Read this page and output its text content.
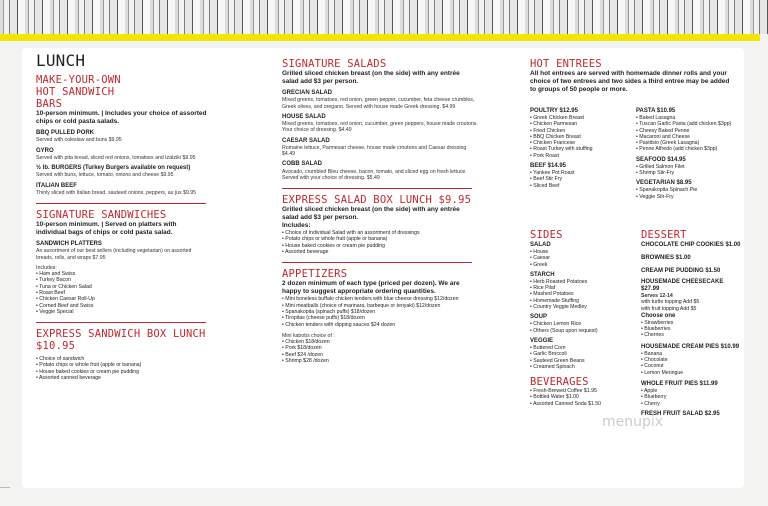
LUNCH
MAKE-YOUR-OWN HOT SANDWICH BARS
10-person minimum. | Includes your choice of assorted chips or cold pasta salads.
BBQ PULLED PORK
Served with coleslaw and buns $9.95
GYRO
Served with pita bread, sliced red onions, tomatoes and tzatziki $9.95
½ lb. BURGERS (Turkey Burgers available on request)
Served with buns, lettuce, tomato, onions and cheese $9.95
ITALIAN BEEF
Thinly sliced with Italian bread, sauteed onions, peppers, au jus $9.95
SIGNATURE SANDWICHES
10-person minimum. | Served on platters with individual bags of chips or cold pasta salad.
SANDWICH PLATTERS
An assortment of our best sellers (including vegetarian) on assorted breads, rolls, and wraps $7.95
Includes:
• Ham and Swiss
• Turkey Bacon
• Tuna or Chicken Salad
• Roast Beef
• Chicken Caesar Roll-Up
• Corned Beef and Swiss
• Veggie Special
EXPRESS SANDWICH BOX LUNCH $10.95
• Choice of sandwich
• Potato chips or whole fruit (apple or banana)
• House baked cookies or cream pie pudding
• Assorted canned beverage
SIGNATURE SALADS
Grilled sliced chicken breast (on the side) with any entrée salad add $3 per person.
GRECIAN SALAD
Mixed greens, tomatoes, red onion, green pepper, cucumber, feta cheese crumbles, Greek olives, and oregano. Served with house made Greek dressing. $4.99
HOUSE SALAD
Mixed greens, tomatoes, red onion, cucumber, green peppers, house made croutons. Your choice of dressing. $4.49
CAESAR SALAD
Romaine lettuce, Parmesan cheese, house made croutons and Caesar dressing $4.49
COBB SALAD
Avocado, crumbled Bleu cheese, bacon, tomato, and sliced egg on fresh lettuce. Served with your choice of dressing. $5.49
EXPRESS SALAD BOX LUNCH $9.95
Grilled sliced chicken breast (on the side) with any entrée salad add $3 per person.
Includes:
• Choice of Individual Salad with an assortment of dressings
• Potato chips or whole fruit (apple or banana)
• House baked cookies or cream pie pudding
• Assorted beverage
APPETIZERS
2 dozen minimum of each type (priced per dozen). We are happy to suggest appropriate ordering quantities.
• Mini boneless buffalo chicken tenders with blue cheese dressing $12/dozen
• Mini meatballs (choice of marinara, barbeque or teriyaki) $12/dozen
• Spanakopita (spinach puffs) $18/dozen
• Tiropitas (cheese puffs) $18/dozen
• Chicken tenders with dipping sauces $24 dozen
Mini kabobs choice of :
• Chicken $18/dozen
• Pork $18/dozen
• Beef $24 /dozen
• Shrimp $28 /dozen
HOT ENTREES
All hot entrees are served with homemade dinner rolls and your choice of two entrees and two sides a third entree may be added to groups of 50 people or more.
POULTRY $12.95
• Greek Chicken Breast
• Chicken Parmesan
• Fried Chicken
• BBQ Chicken Breast
• Chicken Francese
• Roast Turkey with stuffing
• Pork Roast
BEEF $14.95
• Yankee Pot Roast
• Beef Stir Fry
• Sliced Beef
PASTA $10.95
• Baked Lasagna
• Tuscan Garlic Pasta (add chicken $3pp)
• Cheesy Baked Penne
• Macaroni and Cheese
• Pastitsio (Greek Lasagna)
• Penne Alfredo (add chicken $3pp)
SEAFOOD $14.95
• Grilled Salmon Filet
• Shrimp Stir-Fry
VEGETARIAN $8.95
• Spanakopita Spinach Pie
• Veggie Stir-Fry
SIDES
SALAD
• House
• Caesar
• Greek
STARCH
• Herb Roasted Potatoes
• Rice Pilaf
• Mashed Potatoes
• Homemade Stuffing
• Country Veggie Medley
SOUP
• Chicken Lemon Rice
• Others (Soup upon request)
VEGGIE
• Buttered Corn
• Garlic Broccoli
• Sauteed Green Beans
• Creamed Spinach
BEVERAGES
• Fresh-Brewed Coffee $1.95
• Bottled Water $1.00
• Assorted Canned Soda $1.50
DESSERT
CHOCOLATE CHIP COOKIES $1.00
BROWNIES $1.00
CREAM PIE PUDDING $1.50
HOUSEMADE CHEESECAKE $27.99
Serves 12-14
with turtle topping Add $5
with fruit topping Add $5
Choose one
• Strawberries
• Blueberries
• Cherries
HOUSEMADE CREAM PIES $10.99
• Banana
• Chocolate
• Coconut
• Lemon Meringue
WHOLE FRUIT PIES $11.99
• Apple
• Blueberry
• Cherry
FRESH FRUIT SALAD $2.95
menupix
